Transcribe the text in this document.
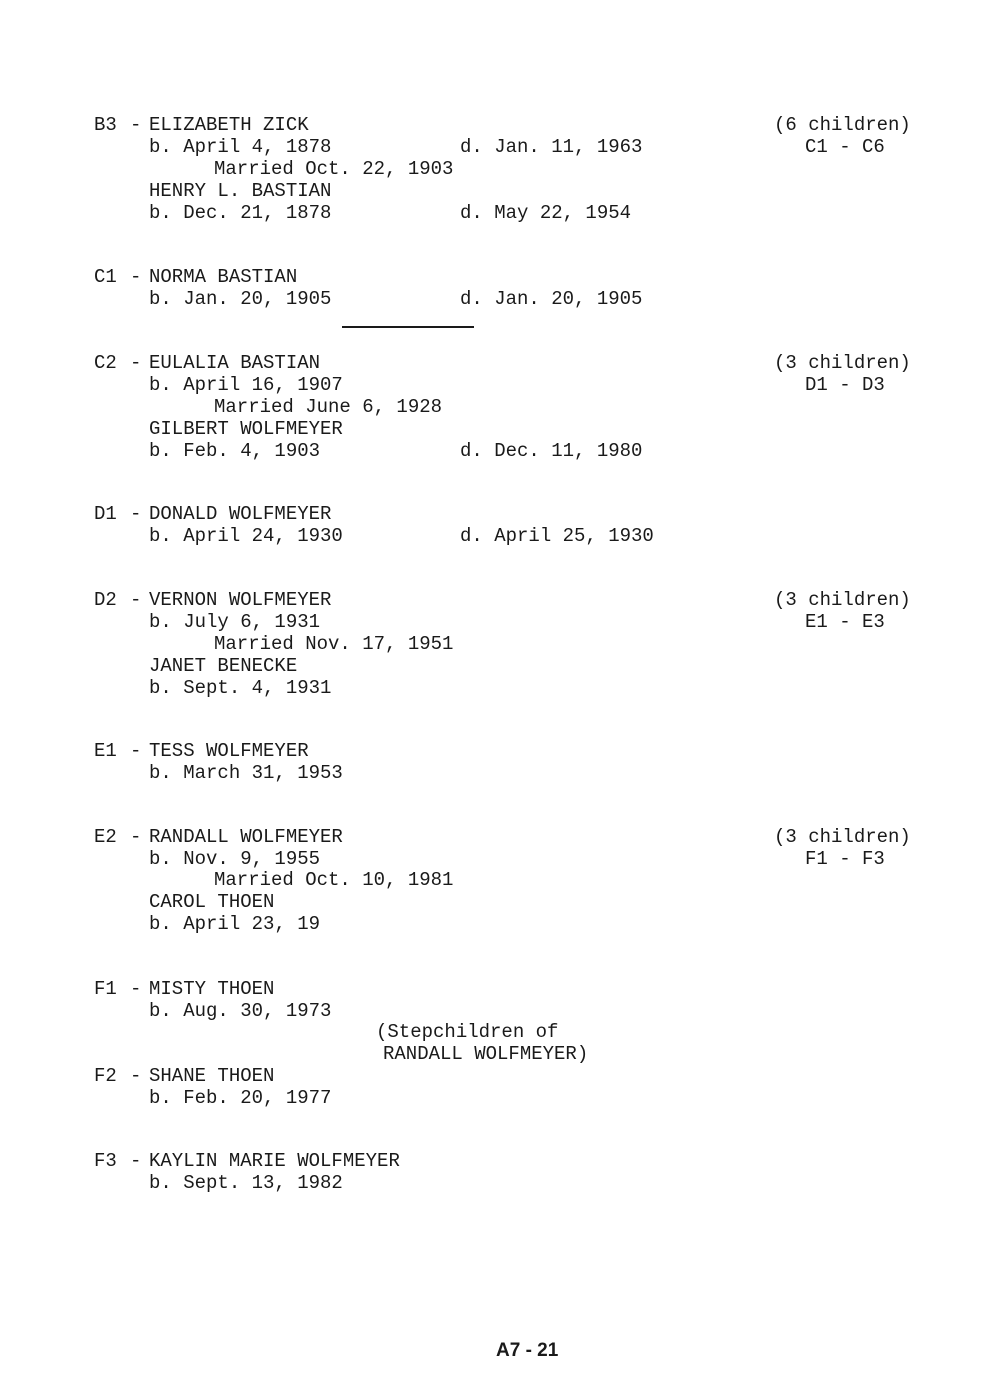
B3 - ELIZABETH ZICK
b. April 4, 1878	d. Jan. 11, 1963
Married Oct. 22, 1903
HENRY L. BASTIAN
b. Dec. 21, 1878	d. May 22, 1954
(6 children)
C1 - C6
C1 - NORMA BASTIAN
b. Jan. 20, 1905	d. Jan. 20, 1905
C2 - EULALIA BASTIAN
b. April 16, 1907
Married June 6, 1928
GILBERT WOLFMEYER
b. Feb. 4, 1903	d. Dec. 11, 1980
(3 children)
D1 - D3
D1 - DONALD WOLFMEYER
b. April 24, 1930	d. April 25, 1930
D2 - VERNON WOLFMEYER
b. July 6, 1931
Married Nov. 17, 1951
JANET BENECKE
b. Sept. 4, 1931
(3 children)
E1 - E3
E1 - TESS WOLFMEYER
b. March 31, 1953
E2 - RANDALL WOLFMEYER
b. Nov. 9, 1955
Married Oct. 10, 1981
CAROL THOEN
b. April 23, 19
(3 children)
F1 - F3
F1 - MISTY THOEN
b. Aug. 30, 1973
(Stepchildren of
RANDALL WOLFMEYER)
F2 - SHANE THOEN
b. Feb. 20, 1977
F3 - KAYLIN MARIE WOLFMEYER
b. Sept. 13, 1982
A7 - 21
